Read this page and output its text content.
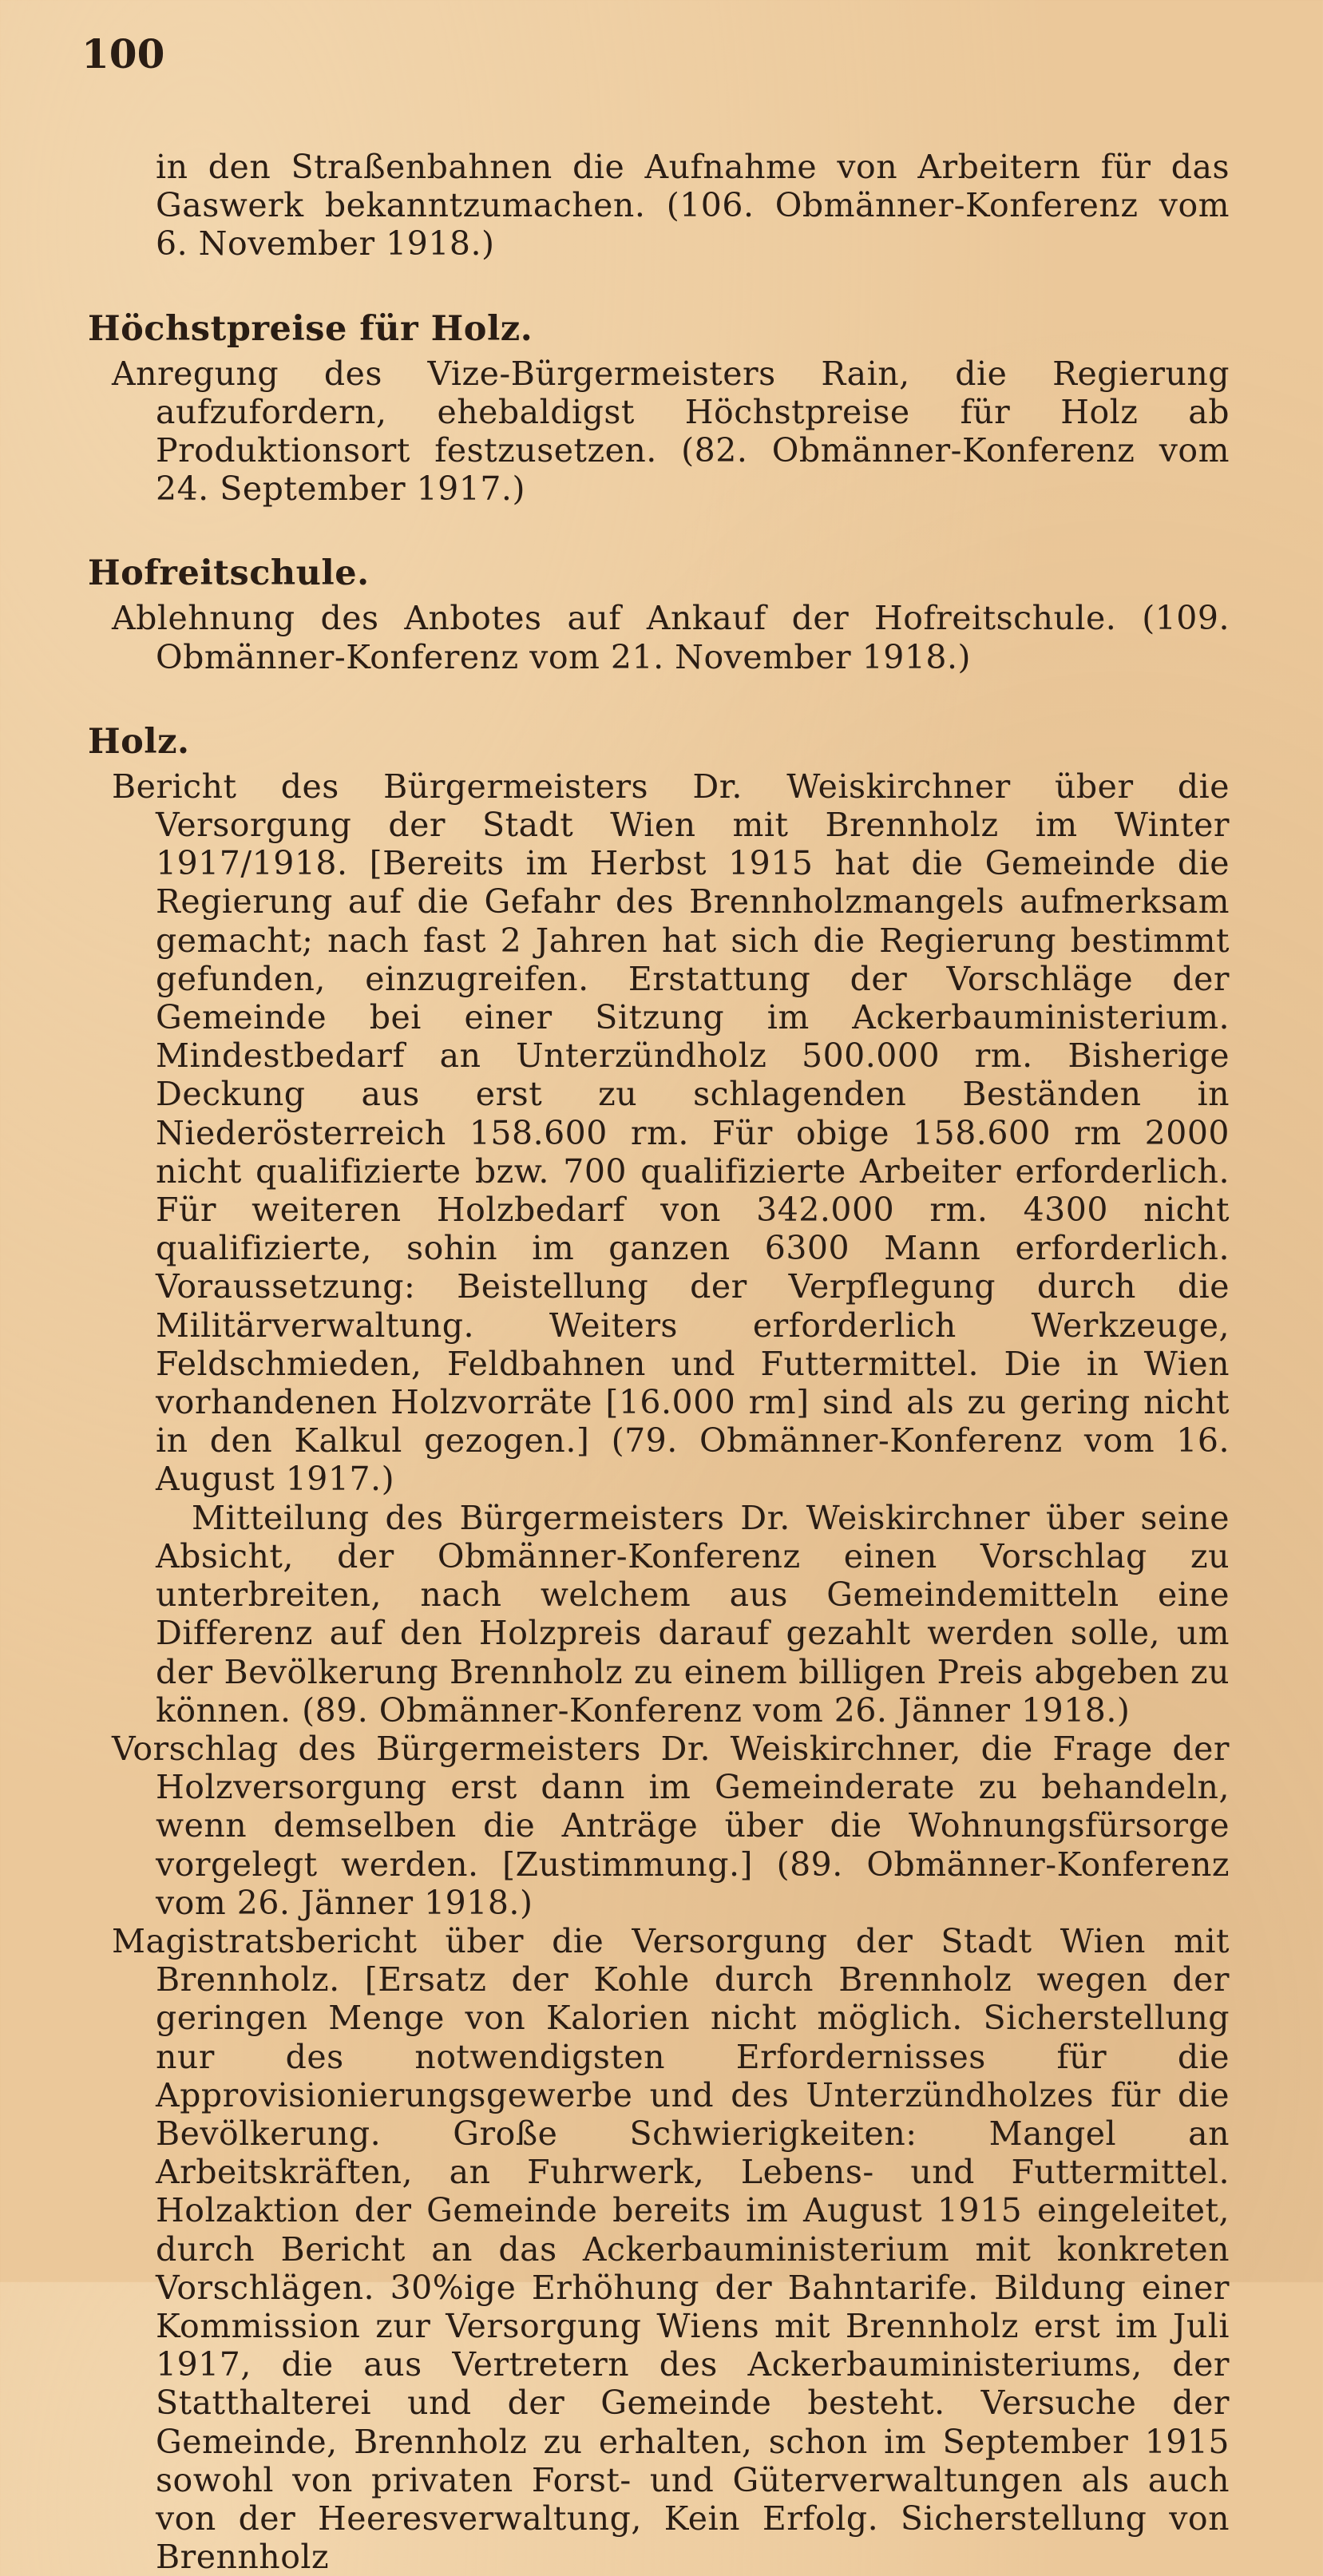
100

in den Straßenbahnen die Aufnahme von Arbeitern für das Gaswerk bekanntzumachen. (106. Obmänner-Konferenz vom 6. November 1918.)

Höchstpreise für Holz.

Anregung des Vize-Bürgermeisters Rain, die Regierung aufzufordern, ehebaldigst Höchstpreise für Holz ab Produktionsort festzusetzen. (82. Obmänner-Konferenz vom 24. September 1917.)

Hofreitschule.

Ablehnung des Anbotes auf Ankauf der Hofreitschule. (109. Obmänner-Konferenz vom 21. November 1918.)

Holz.

Bericht des Bürgermeisters Dr. Weiskirchner über die Versorgung der Stadt Wien mit Brennholz im Winter 1917/1918. [Bereits im Herbst 1915 hat die Gemeinde die Regierung auf die Gefahr des Brennholzmangels aufmerksam gemacht; nach fast 2 Jahren hat sich die Regierung bestimmt gefunden, einzugreifen. Erstattung der Vorschläge der Gemeinde bei einer Sitzung im Ackerbauministerium. Mindestbedarf an Unterzündholz 500.000 rm. Bisherige Deckung aus erst zu schlagenden Beständen in Niederösterreich 158.600 rm. Für obige 158.600 rm 2000 nicht qualifizierte bzw. 700 qualifizierte Arbeiter erforderlich. Für weiteren Holzbedarf von 342.000 rm. 4300 nicht qualifizierte, sohin im ganzen 6300 Mann erforderlich. Voraussetzung: Beistellung der Verpflegung durch die Militärverwaltung. Weiters erforderlich Werkzeuge, Feldschmieden, Feldbahnen und Futtermittel. Die in Wien vorhandenen Holzvorräte [16.000 rm] sind als zu gering nicht in den Kalkul gezogen.] (79. Obmänner-Konferenz vom 16. August 1917.)

Mitteilung des Bürgermeisters Dr. Weiskirchner über seine Absicht, der Obmänner-Konferenz einen Vorschlag zu unterbreiten, nach welchem aus Gemeindemitteln eine Differenz auf den Holzpreis darauf gezahlt werden solle, um der Bevölkerung Brennholz zu einem billigen Preis abgeben zu können. (89. Obmänner-Konferenz vom 26. Jänner 1918.)

Vorschlag des Bürgermeisters Dr. Weiskirchner, die Frage der Holzversorgung erst dann im Gemeinderate zu behandeln, wenn demselben die Anträge über die Wohnungsfürsorge vorgelegt werden. [Zustimmung.] (89. Obmänner-Konferenz vom 26. Jänner 1918.)

Magistratsbericht über die Versorgung der Stadt Wien mit Brennholz. [Ersatz der Kohle durch Brennholz wegen der geringen Menge von Kalorien nicht möglich. Sicherstellung nur des notwendigsten Erfordernisses für die Approvisionierungsgewerbe und des Unterzündholzes für die Bevölkerung. Große Schwierigkeiten: Mangel an Arbeitskräften, an Fuhrwerk, Lebens- und Futtermittel. Holzaktion der Gemeinde bereits im August 1915 eingeleitet, durch Bericht an das Ackerbauministerium mit konkreten Vorschlägen. 30%ige Erhöhung der Bahntarife. Bildung einer Kommission zur Versorgung Wiens mit Brennholz erst im Juli 1917, die aus Vertretern des Ackerbauministeriums, der Statthalterei und der Gemeinde besteht. Versuche der Gemeinde, Brennholz zu erhalten, schon im September 1915 sowohl von privaten Forst- und Güterverwaltungen als auch von der Heeresverwaltung, Kein Erfolg. Sicherstellung von Brennholz
